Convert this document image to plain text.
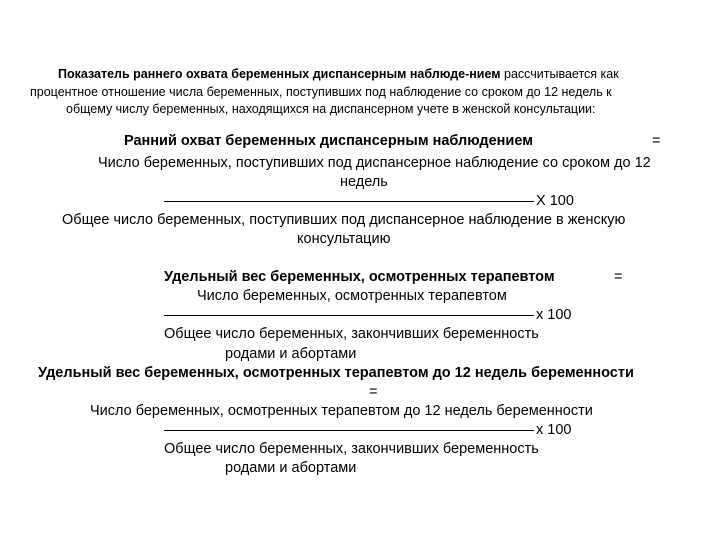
Показатель раннего охвата беременных диспансерным наблюде-нием рассчитывается как
процентное отношение числа беременных, поступивших под наблюдение со сроком до 12 недель к
общему числу беременных, находящихся на диспансерном учете в женской консультации:
Ранний охват беременных диспансерным наблюдением	=
Число беременных, поступивших под диспансерное наблюдение со сроком до 12
недель
Х 100
Общее число беременных, поступивших под диспансерное наблюдение в женскую
консультацию
Удельный вес беременных, осмотренных терапевтом	=
Число беременных, осмотренных терапевтом
х 100
Общее число беременных, закончивших беременность
родами и абортами
Удельный вес беременных, осмотренных терапевтом до 12 недель беременности
=
Число беременных, осмотренных терапевтом до 12 недель беременности
х 100
Общее число беременных, закончивших беременность
родами и абортами
